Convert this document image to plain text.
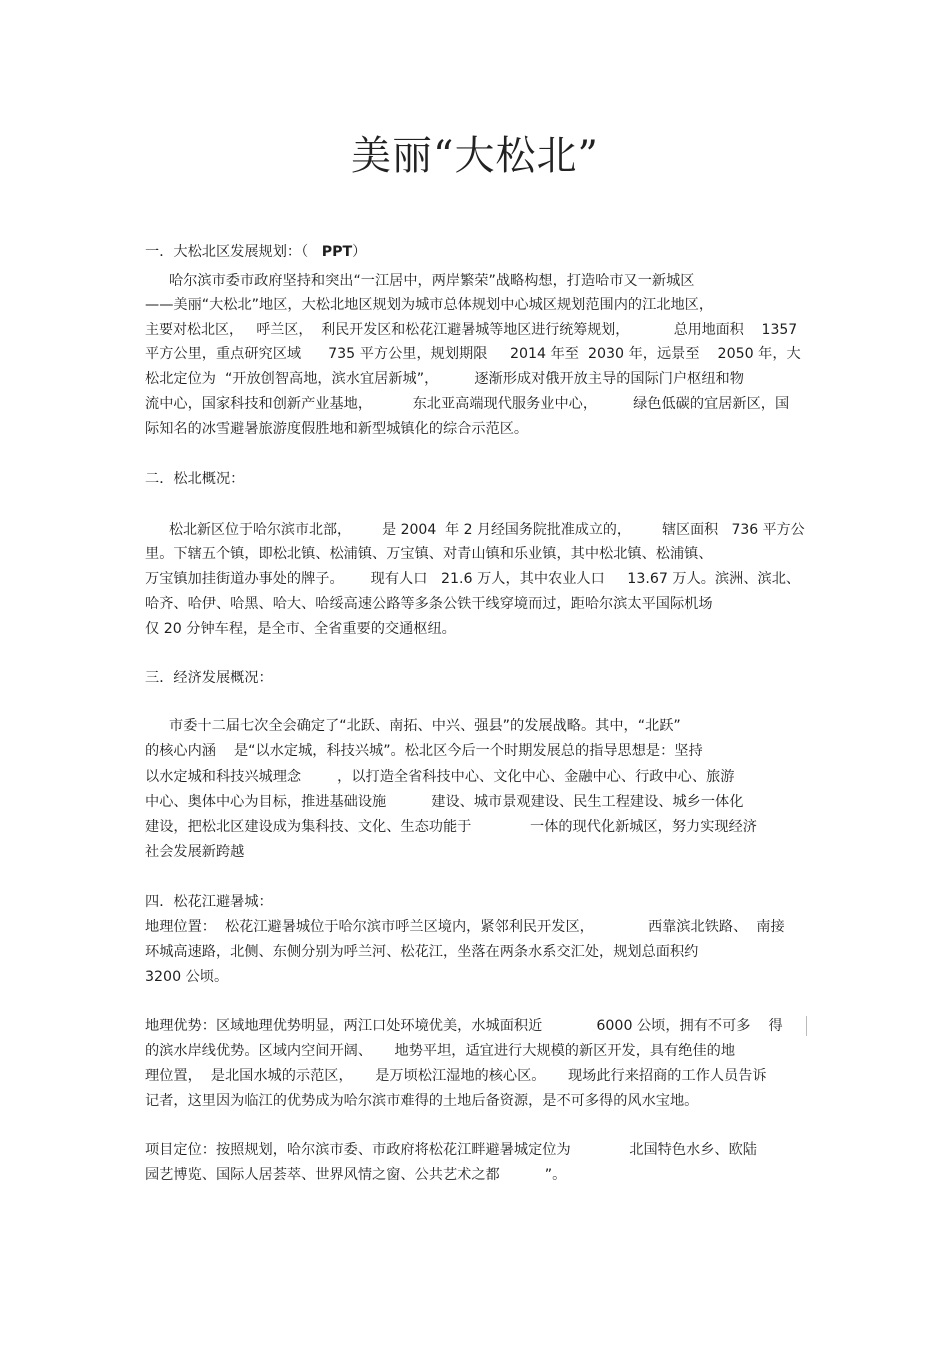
美丽“大松北”
一．大松北区发展规划：（ PPT）
哈尔滨市委市政府坚持和突出“一江居中，两岸繁荣”战略构想，打造哈市又一新城区
——美丽“大松北”地区，大松北地区规划为城市总体规划中心城区规划范围内的江北地区，
主要对松北区，   呼兰区，  利民开发区和松花江避暑城等地区进行统筹规划，          总用地面积    1357
平方公里，重点研究区域      735 平方公里，规划期限     2014 年至  2030 年，远景至    2050 年，大
松北定位为  “开放创智高地，滨水宜居新城”，        逐渐形成对俄开放主导的国际门户枢纽和物
流中心，国家科技和创新产业基地，         东北亚高端现代服务业中心，        绿色低碳的宜居新区，国
际知名的冰雪避暑旅游度假胜地和新型城镇化的综合示范区。
二．松北概况：
松北新区位于哈尔滨市北部，       是 2004  年 2 月经国务院批准成立的，       辖区面积   736 平方公
里。下辖五个镇，即松北镇、松浦镇、万宝镇、对青山镇和乐业镇，其中松北镇、松浦镇、
万宝镇加挂街道办事处的牌子。      现有人口   21.6 万人，其中农业人口     13.67 万人。滨洲、滨北、
哈齐、哈伊、哈黑、哈大、哈绥高速公路等多条公铁干线穿境而过，距哈尔滨太平国际机场
仅 20 分钟车程，是全市、全省重要的交通枢纽。
三．经济发展概况：
市委十二届七次全会确定了“北跃、南拓、中兴、强县”的发展战略。其中，“北跃”
的核心内涵    是“以水定城，科技兴城”。松北区今后一个时期发展总的指导思想是：坚持
以水定城和科技兴城理念        ，以打造全省科技中心、文化中心、金融中心、行政中心、旅游
中心、奥体中心为目标，推进基础设施          建设、城市景观建设、民生工程建设、城乡一体化
建设，把松北区建设成为集科技、文化、生态功能于             一体的现代化新城区，努力实现经济
社会发展新跨越
四．松花江避暑城：
地理位置：  松花江避暑城位于哈尔滨市呼兰区境内，紧邻利民开发区，            西靠滨北铁路、  南接
环城高速路，北侧、东侧分别为呼兰河、松花江，坐落在两条水系交汇处，规划总面积约
3200 公顷。
地理优势：区域地理优势明显，两江口处环境优美，水城面积近            6000 公顷，拥有不可多    得
的滨水岸线优势。区域内空间开阔、     地势平坦，适宜进行大规模的新区开发，具有绝佳的地
理位置，  是北国水城的示范区，     是万顷松江湿地的核心区。     现场此行来招商的工作人员告诉
记者，这里因为临江的优势成为哈尔滨市难得的土地后备资源，是不可多得的风水宝地。
项目定位：按照规划，哈尔滨市委、市政府将松花江畔避暑城定位为             北国特色水乡、欧陆
园艺博览、国际人居荟萃、世界风情之窗、公共艺术之都          ”。
